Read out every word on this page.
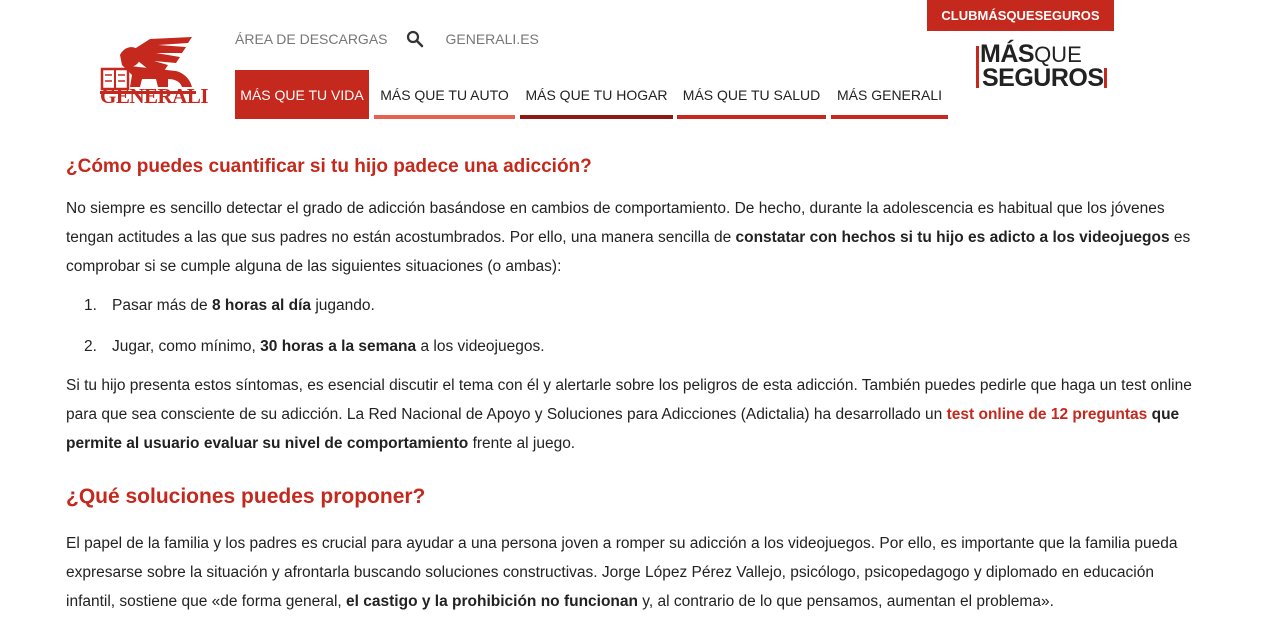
GENERALI
ÁREA DE DESCARGAS	GENERALI.ES
CLUBMÁSQUESEGUROS
MÁSQUE
SEGUROS
MÁS QUE TU VIDA MÁS QUE TU AUTO MÁS QUE TU HOGAR MÁS QUE TU SALUD MÁS GENERALI
¿Cómo puedes cuantificar si tu hijo padece una adicción?

No siempre es sencillo detectar el grado de adicción basándose en cambios de comportamiento. De hecho, durante la adolescencia es habitual que los jóvenes tengan actitudes a las que sus padres no están acostumbrados. Por ello, una manera sencilla de constatar con hechos si tu hijo es adicto a los videojuegos es comprobar si se cumple alguna de las siguientes situaciones (o ambas):

1. Pasar más de 8 horas al día jugando.
2. Jugar, como mínimo, 30 horas a la semana a los videojuegos.

Si tu hijo presenta estos síntomas, es esencial discutir el tema con él y alertarle sobre los peligros de esta adicción. También puedes pedirle que haga un test online para que sea consciente de su adicción. La Red Nacional de Apoyo y Soluciones para Adicciones (Adictalia) ha desarrollado un test online de 12 preguntas que permite al usuario evaluar su nivel de comportamiento frente al juego.

¿Qué soluciones puedes proponer?

El papel de la familia y los padres es crucial para ayudar a una persona joven a romper su adicción a los videojuegos. Por ello, es importante que la familia pueda expresarse sobre la situación y afrontarla buscando soluciones constructivas. Jorge López Pérez Vallejo, psicólogo, psicopedagogo y diplomado en educación infantil, sostiene que «de forma general, el castigo y la prohibición no funcionan y, al contrario de lo que pensamos, aumentan el problema».
